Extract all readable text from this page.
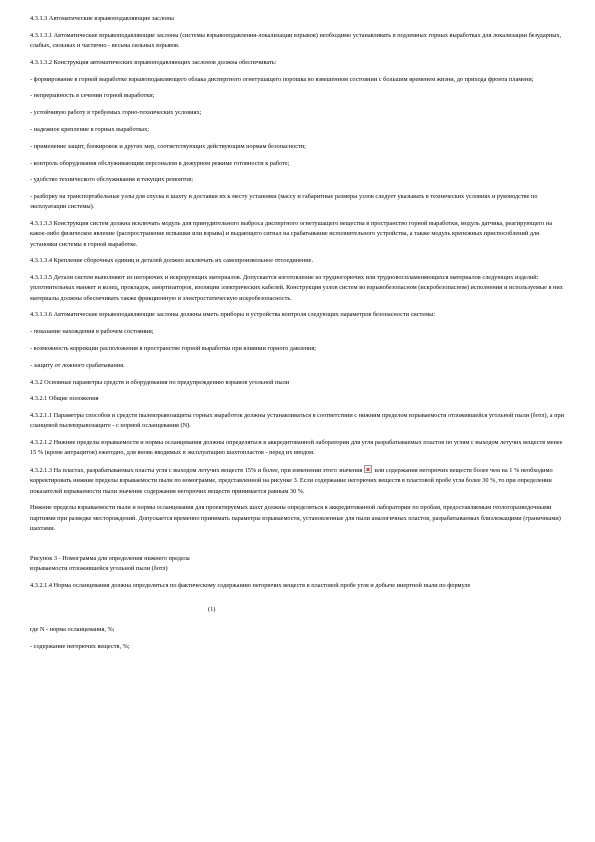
4.3.1.3 Автоматические взрывоподавляющие заслоны

4.3.1.3.1 Автоматические взрывоподавляющие заслоны (системы взрывоподавления-локализации взрывов) необходимо устанавливать в подземных горных выработках для локализации безударных, слабых, сильных и частично - весьма сильных взрывов.

4.3.1.3.2 Конструкция автоматических взрывоподавляющих заслонов должна обеспечивать:

- формирование в горной выработке взрывоподавляющего облака диспергного огнетушащего порошка во взвешенном состоянии с большим временем жизни, до прихода фронта пламени;

- непрерывность в сечении горной выработки;

- устойчивую работу в требуемых горно-технических условиях;

- надежное крепление в горных выработках;

- применение защит, блокировок и других мер, соответствующих действующим нормам безопасности;

- контроль оборудования обслуживающим персоналом в дежурном режиме готовности к работе;

- удобство технического обслуживания и текущих ремонтов;

- разборку на транспортабельные узлы для спуска в шахту и доставки их к месту установки (массу и габаритные размеры узлов следует указывать в технических условиях и руководстве по эксплуатации системы).

4.3.1.3.3 Конструкция систем должна исключать модуль для принудительного выброса диспергного огнетушащего вещества в пространство горной выработки, модуль датчика, реагирующего на какое-либо физическое явление (распространение вспышки или взрыва) и выдающего сигнал на срабатывание исполнительного устройства, а также модуль крепежных приспособлений для установки системы в горной выработке.

4.3.1.3.4 Крепление сборочных единиц и деталей должно исключать их самопроизвольное отсоединение.

4.3.1.3.5 Детали систем выполняют из негорючих и искрорующих материалов. Допускается изготовление из трудногорючих или трудновоспламеняющихся материалов следующих изделий: уплотнительных манжет и колец, прокладок, амортизаторов, изоляции электрических кабелей. Конструкция узлов систем во взрывобезопасном (искробезопасном) исполнении и используемые в них материалы должны обеспечивать также фрикционную и электростатическую искробезопасность.

4.3.1.3.6 Автоматические взрывоподавляющие заслоны должны иметь приборы и устройства контроля следующих параметров безопасности системы:

- показание нахождения в рабочем состоянии;

- возможность коррекции расположения в пространстве горной выработки при влиянии горного давления;

- защиту от ложного срабатывания.

4.3.2 Основные параметры средств и оборудования по предупреждению взрывов угольной пыли

4.3.2.1 Общие положения

4.3.2.1.1 Параметры способов и средств пылевзрывозащиты горных выработок должны устанавливаться в соответствии с нижним пределом взрываемости отложившейся угольной пыли (δотл), а при сланцевой пылевзрывозащите - с нормой осланцевания (N).

4.3.2.1.2 Нижние пределы взрываемости и нормы осланцевания должны определяться в аккредитованной лаборатории для угля разрабатываемых пластов по углям с выходом летучих веществ менее 15 % (кроме антрацитов) ежегодно, для вновь вводимых в эксплуатацию шахтопластов - перед их вводом.

4.3.2.1.3 На пластах, разрабатываемых пласты угля с выходом летучих веществ 15% и более, при изменении этого значения или содержания негорючих веществ более чем на 1 % необходимо корректировать нижние пределы взрываемости пыли по номограмме, представленной на рисунке 3. Если содержание негорючих веществ в пластовой пробе угля более 30 %, то при определении показателей взрываемости пыли значение содержания негорючих веществ принимается равным 30 %.

Нижние пределы взрываемости пыли и нормы осланцевания для проектируемых шахт должны определяться в аккредитованной лаборатории по пробам, предоставляемым геологоразведочными партиями при разведке месторождений. Допускается временно принимать параметры взрываемости, установленные для пыли аналогичных пластов, разрабатываемых близлежащими (граничными) шахтами.

Рисунок 3 - Номограмма для определения нижнего предела

взрываемости отложившейся угольной пыли (δотл)

4.3.2.1.4 Норма осланцевания должна определяться по фактическому содержанию негорючих веществ в пластовой пробе угля и добыче инертной пыли по формуле

(1)

где N - норма осланцевания, %;

- содержание негорючих веществ, %;
